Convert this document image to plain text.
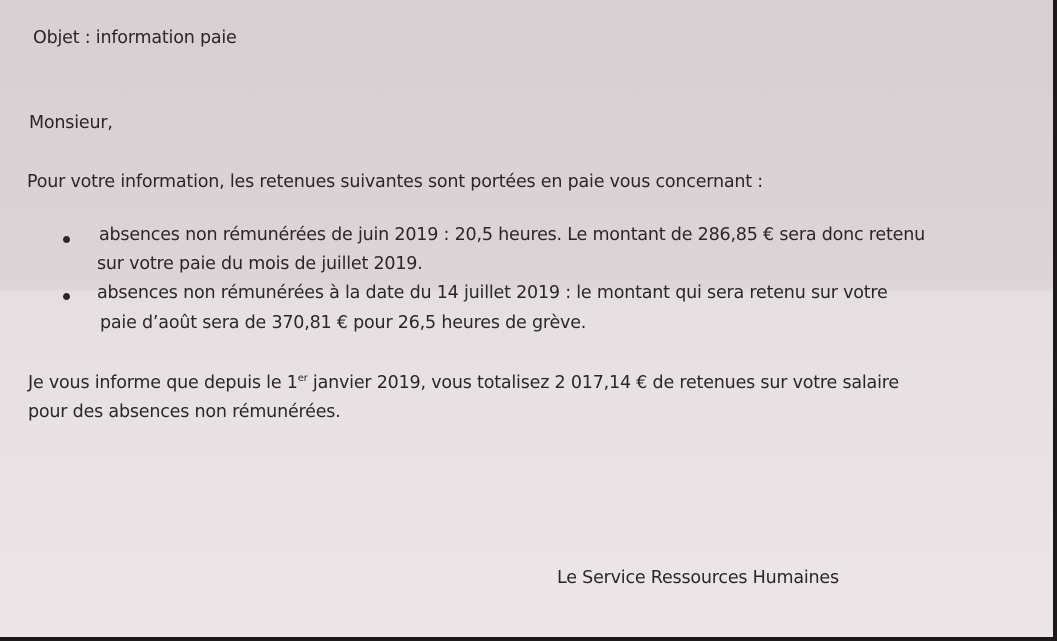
Objet : information paie
Monsieur,
Pour votre information, les retenues suivantes sont portées en paie vous concernant :
absences non rémunérées de juin 2019 : 20,5 heures. Le montant de 286,85 € sera donc retenu
sur votre paie du mois de juillet 2019.
absences non rémunérées à la date du 14 juillet 2019 : le montant qui sera retenu sur votre
paie d’août sera de 370,81 € pour 26,5 heures de grève.
Je vous informe que depuis le 1er janvier 2019, vous totalisez 2 017,14 € de retenues sur votre salaire
pour des absences non rémunérées.
Le Service Ressources Humaines
